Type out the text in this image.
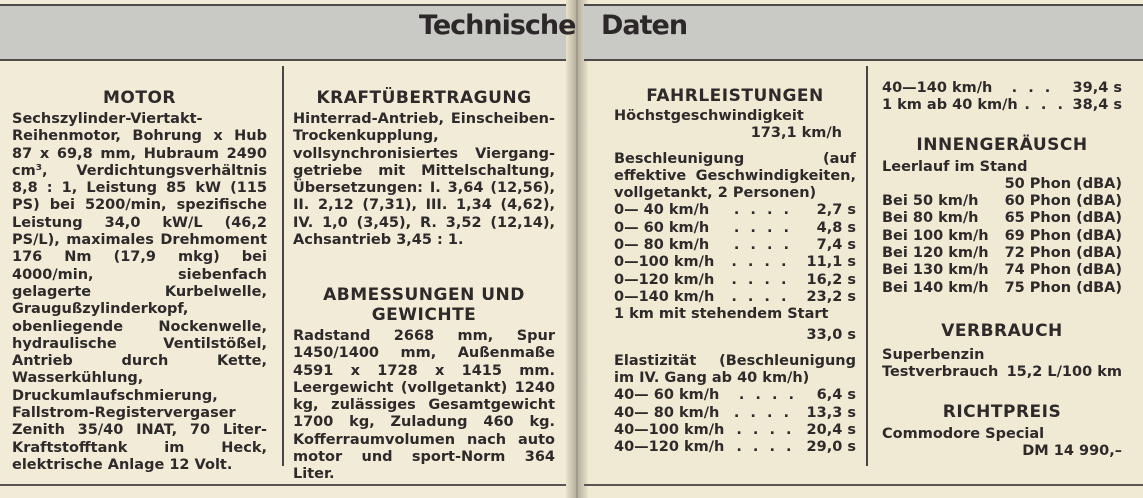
Technische Daten
MOTOR
Sechszylinder-Viertakt-Reihenmotor, Bohrung x Hub 87 x 69,8 mm, Hubraum 2490 cm³, Verdichtungsverhältnis 8,8 : 1, Leistung 85 kW (115 PS) bei 5200/min, spezifische Leistung 34,0 kW/L (46,2 PS/L), maximales Drehmoment 176 Nm (17,9 mkg) bei 4000/min, siebenfach gelagerte Kurbelwelle, Graugußzylinderkopf, obenliegende Nockenwelle, hydraulische Ventilstößel, Antrieb durch Kette, Wasserkühlung, Druckumlaufschmierung, Fallstrom-Registervergaser Zenith 35/40 INAT, 70 Liter-Kraftstofftank im Heck, elektrische Anlage 12 Volt.
KRAFTÜBERTRAGUNG
Hinterrad-Antrieb, Einscheiben-Trockenkupplung, vollsynchronisiertes Vierganggetriebe mit Mittelschaltung, Übersetzungen: I. 3,64 (12,56), II. 2,12 (7,31), III. 1,34 (4,62), IV. 1,0 (3,45), R. 3,52 (12,14), Achsantrieb 3,45 : 1.
ABMESSUNGEN UND
GEWICHTE
Radstand 2668 mm, Spur 1450/1400 mm, Außenmaße 4591 x 1728 x 1415 mm. Leergewicht (vollgetankt) 1240 kg, zulässiges Gesamtgewicht 1700 kg, Zuladung 460 kg. Kofferraumvolumen nach auto motor und sport-Norm 364 Liter.
FAHRLEISTUNGEN
Höchstgeschwindigkeit
173,1 km/h
Beschleunigung (auf effektive Geschwindigkeiten, vollgetankt, 2 Personen)
0— 40 km/h	. . . .	2,7 s
0— 60 km/h	. . . .	4,8 s
0— 80 km/h	. . . .	7,4 s
0—100 km/h	. . . .	11,1 s
0—120 km/h	. . . .	16,2 s
0—140 km/h	. . . .	23,2 s
1 km mit stehendem Start
33,0 s
Elastizität (Beschleunigung im IV. Gang ab 40 km/h)
40— 60 km/h	. . . .	6,4 s
40— 80 km/h	. . . .	13,3 s
40—100 km/h . . . . 20,4 s
40—120 km/h . . . . 29,0 s
40—140 km/h	. . .	39,4 s
1 km ab 40 km/h . . . 38,4 s
INNENGERÄUSCH
Leerlauf im Stand
50 Phon (dBA)
Bei 50 km/h 60 Phon (dBA)
Bei 80 km/h 65 Phon (dBA)
Bei 100 km/h 69 Phon (dBA)
Bei 120 km/h 72 Phon (dBA)
Bei 130 km/h 74 Phon (dBA)
Bei 140 km/h 75 Phon (dBA)
VERBRAUCH
Superbenzin
Testverbrauch 15,2 L/100 km
RICHTPREIS
Commodore Special
DM 14 990,–
